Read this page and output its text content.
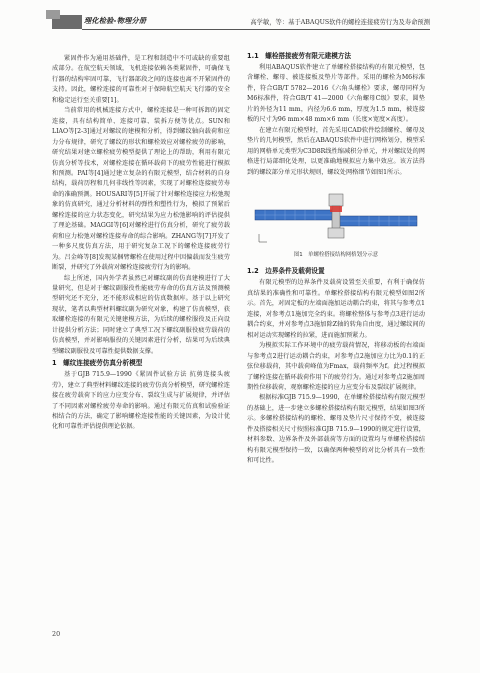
理化检验-物理分册	高学敏，等：基于ABAQUS软件的螺栓连接疲劳行为及寿命预测

紧固件作为通用基础件，是工程和制造中不可或缺的重要组成部分。在航空航天领域，飞机连接依赖各类紧固件，可确保飞行器的结构牢固可靠，飞行器部段之间的连接也离不开紧固件的支持。因此，螺栓连接的可靠性对于保障航空航天飞行器的安全和稳定运行至关重要[1]。

当前常用的机械连接方式中，螺栓连接是一种可拆卸的固定连接，具有结构简单、连接可靠、装拆方便等优点。SUN和LIAO等[2-3]通过对螺纹的建模和分析，得到螺纹轴向载荷和应力分布规律，研究了螺纹的形状和螺栓效应对螺栓疲劳的影响，研究结果对建立螺栓疲劳模型提供了理论上的帮助，利用有限元仿真分析等技术，对螺栓连接在循环载荷下的疲劳性能进行模拟和预测。PAI等[4]通过建立复杂的有限元模型，结合材料的自身结构，载荷历程和几何非线性等因素，实现了对螺栓连接疲劳寿命的准确预测。HOUSARI等[5]开展了针对螺栓连接应力松弛现象的仿真研究，通过分析材料的弹性和塑性行为，模拟了预紧后螺栓连接的应力状态变化，研究结果为应力松弛影响的评估提供了理论基础。MAGGI等[6]对螺栓进行仿真分析，研究了疲劳载荷和应力松弛对螺栓连接寿命的综合影响。ZHANG等[7]开发了一种多尺度仿真方法，用于研究复杂工况下的螺栓连接疲劳行为。吕金峰等[8]发现某捆臂螺栓在使用过程中因偏载而发生疲劳断裂，并研究了外载荷对螺栓连接疲劳行为的影响。

综上所述，国内外学者虽然已对螺纹副的仿真建模进行了大量研究，但是对于螺纹副服役性能疲劳寿命的仿真方法及预测模型研究还不充分，还不能形成相应的仿真数据库。基于以上研究现状，笔者以典型材料螺纹副为研究对象，构建了仿真模型，获取螺栓连接的有限元关键建模方法，为后续的螺栓服役及正向设计提供分析方法；同时建立了典型工况下螺纹副服役疲劳载荷的仿真模型，并对影响服役的关键因素进行分析，结果可为后续典型螺纹副服役及可靠性提供数据支撑。

1　螺纹连接疲劳仿真分析模型

基于GJB 715.9—1990《紧固件试验方法 抗剪连接头疲劳》，建立了典型材料螺纹连接的疲劳仿真分析模型，研究螺栓连接在疲劳载荷下的应力应变分布、裂纹生成与扩展规律，并评估了不同因素对螺栓疲劳寿命的影响。通过有限元仿真和试验验证相结合的方法，确定了影响螺栓连接性能的关键因素，为设计优化和可靠性评估提供理论依据。

1.1　螺栓搭接疲劳有限元建模方法

利用ABAQUS软件建立了单螺栓搭接结构的有限元模型，包含螺栓、螺母、被连接板及垫片等部件。采用的螺栓为M6标准件，符合GB/T 5782—2016《六角头螺栓》要求，螺母同样为M6标准件，符合GB/T 41—2000《六角螺母C级》要求，圆垫片的外径为11 mm，内径为6.6 mm，厚度为1.5 mm，被连接板的尺寸为96 mm×48 mm×6 mm（长度×宽度×高度）。

在建立有限元模型时，首先采用CAD软件绘制螺栓、螺母及垫片的几何模型，然后在ABAQUS软件中进行网格划分，模型采用的网格单元类型为C3D8R线性缩减积分单元，并对螺纹处的网格进行局部细化处理，以更准确地模拟应力集中效应。该方法得到的螺纹部分单元形状规则，螺纹处网格细节如图1所示。

图1　单螺栓搭接结构网格划分示意
1.2　边界条件及载荷设置

有限元模型的边界条件及载荷设置至关重要，有利于确保仿真结果的准确性和可靠性。单螺栓搭接结构有限元模型如图2所示。首先，对固定板的左端面施加运动耦合约束，将其与参考点1连接，对参考点1施加完全约束。将螺栓整体与参考点3进行运动耦合约束，并对参考点3施加除Z轴的转角自由度，通过螺纹间的相对运动实现螺栓的拉紧，进而施加预紧力。

为模拟实际工作环境中的疲劳载荷情况，将移动板的右端面与参考点2进行运动耦合约束，对参考点2施加应力比为0.1的正弦位移载荷，其中载荷峰值为Fmax，载荷频率为f。此过程模拟了螺栓连接在循环载荷作用下的疲劳行为。通过对参考点2施加周期性位移载荷，观察螺栓连接的应力应变分布及裂纹扩展规律。

根据标准GJB 715.9—1990，在单螺栓搭接结构有限元模型的基础上，进一步建立多螺栓搭接结构有限元模型，结果如图3所示。多螺栓搭接结构的螺栓、螺母及垫片尺寸保持不变，被连接件及搭接相关尺寸按照标准GJB 715.9—1990的规定进行设置，材料参数、边界条件及外部载荷等方面的设置均与单螺栓搭接结构有限元模型保持一致，以确保两种模型的对比分析具有一致性和可比性。

20
